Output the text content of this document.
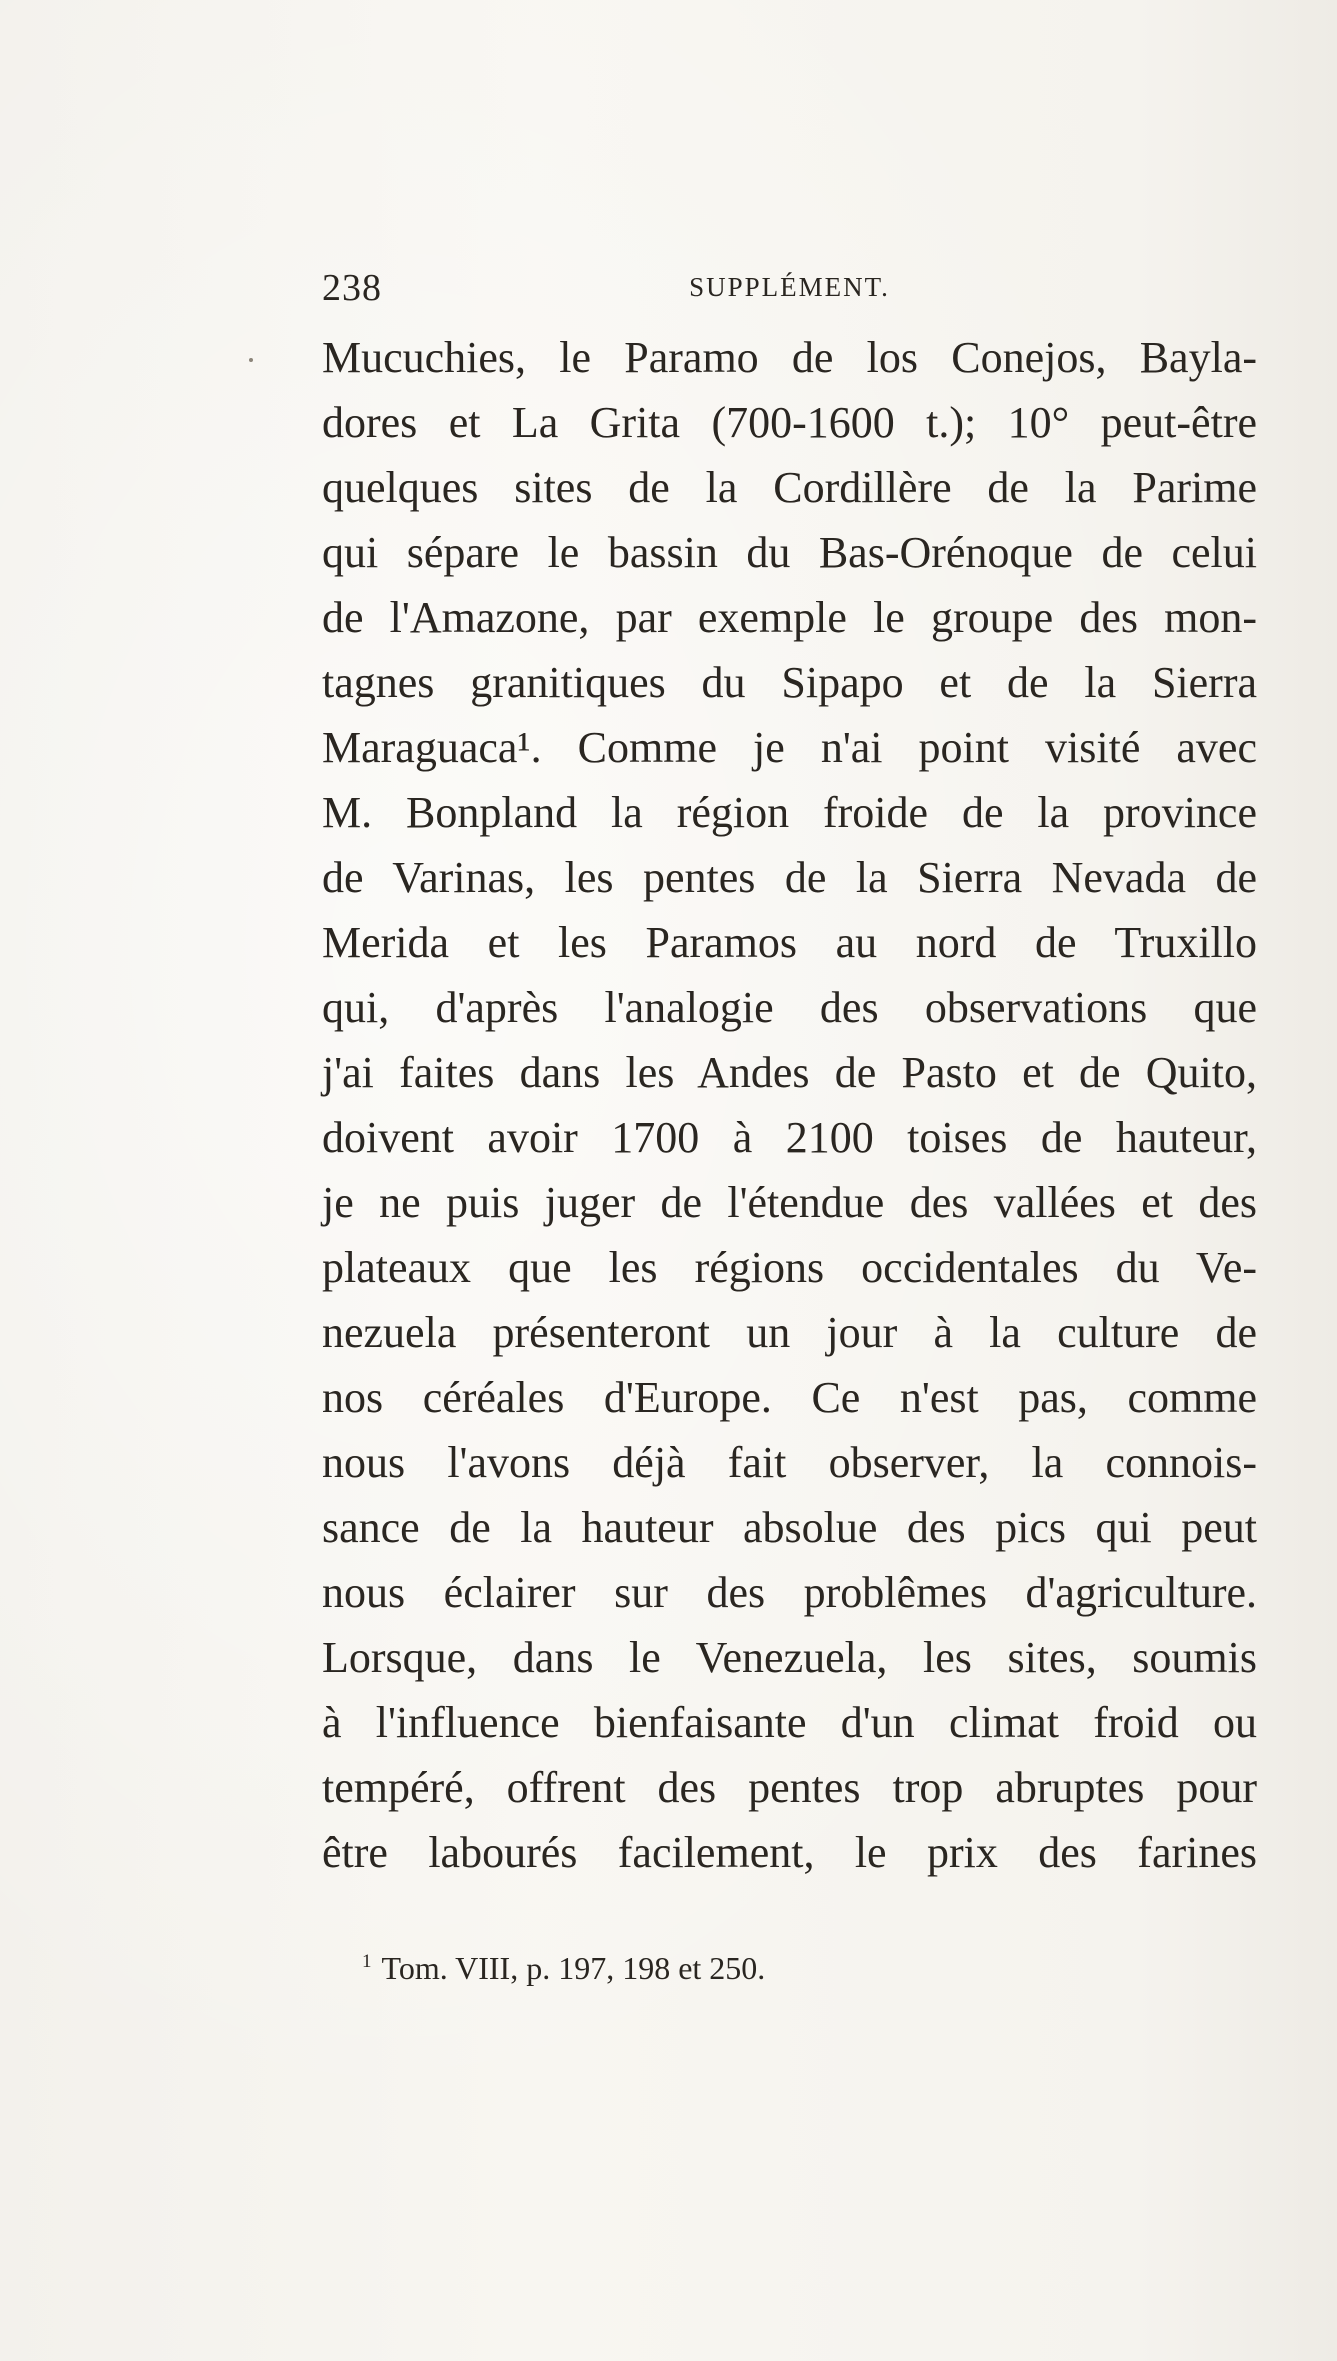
238	SUPPLÉMENT.
Mucuchies, le Paramo de los Conejos, Bayla-
dores et La Grita (700-1600 t.); 10° peut-être
quelques sites de la Cordillère de la Parime
qui sépare le bassin du Bas-Orénoque de celui
de l'Amazone, par exemple le groupe des mon-
tagnes granitiques du Sipapo et de la Sierra
Maraguaca¹. Comme je n'ai point visité avec
M. Bonpland la région froide de la province
de Varinas, les pentes de la Sierra Nevada de
Merida et les Paramos au nord de Truxillo
qui, d'après l'analogie des observations que
j'ai faites dans les Andes de Pasto et de Quito,
doivent avoir 1700 à 2100 toises de hauteur,
je ne puis juger de l'étendue des vallées et des
plateaux que les régions occidentales du Ve-
nezuela présenteront un jour à la culture de
nos céréales d'Europe. Ce n'est pas, comme
nous l'avons déjà fait observer, la connois-
sance de la hauteur absolue des pics qui peut
nous éclairer sur des problêmes d'agriculture.
Lorsque, dans le Venezuela, les sites, soumis
à l'influence bienfaisante d'un climat froid ou
tempéré, offrent des pentes trop abruptes pour
être labourés facilement, le prix des farines
$^1$ Tom. VIII, p. 197, 198 et 250.
